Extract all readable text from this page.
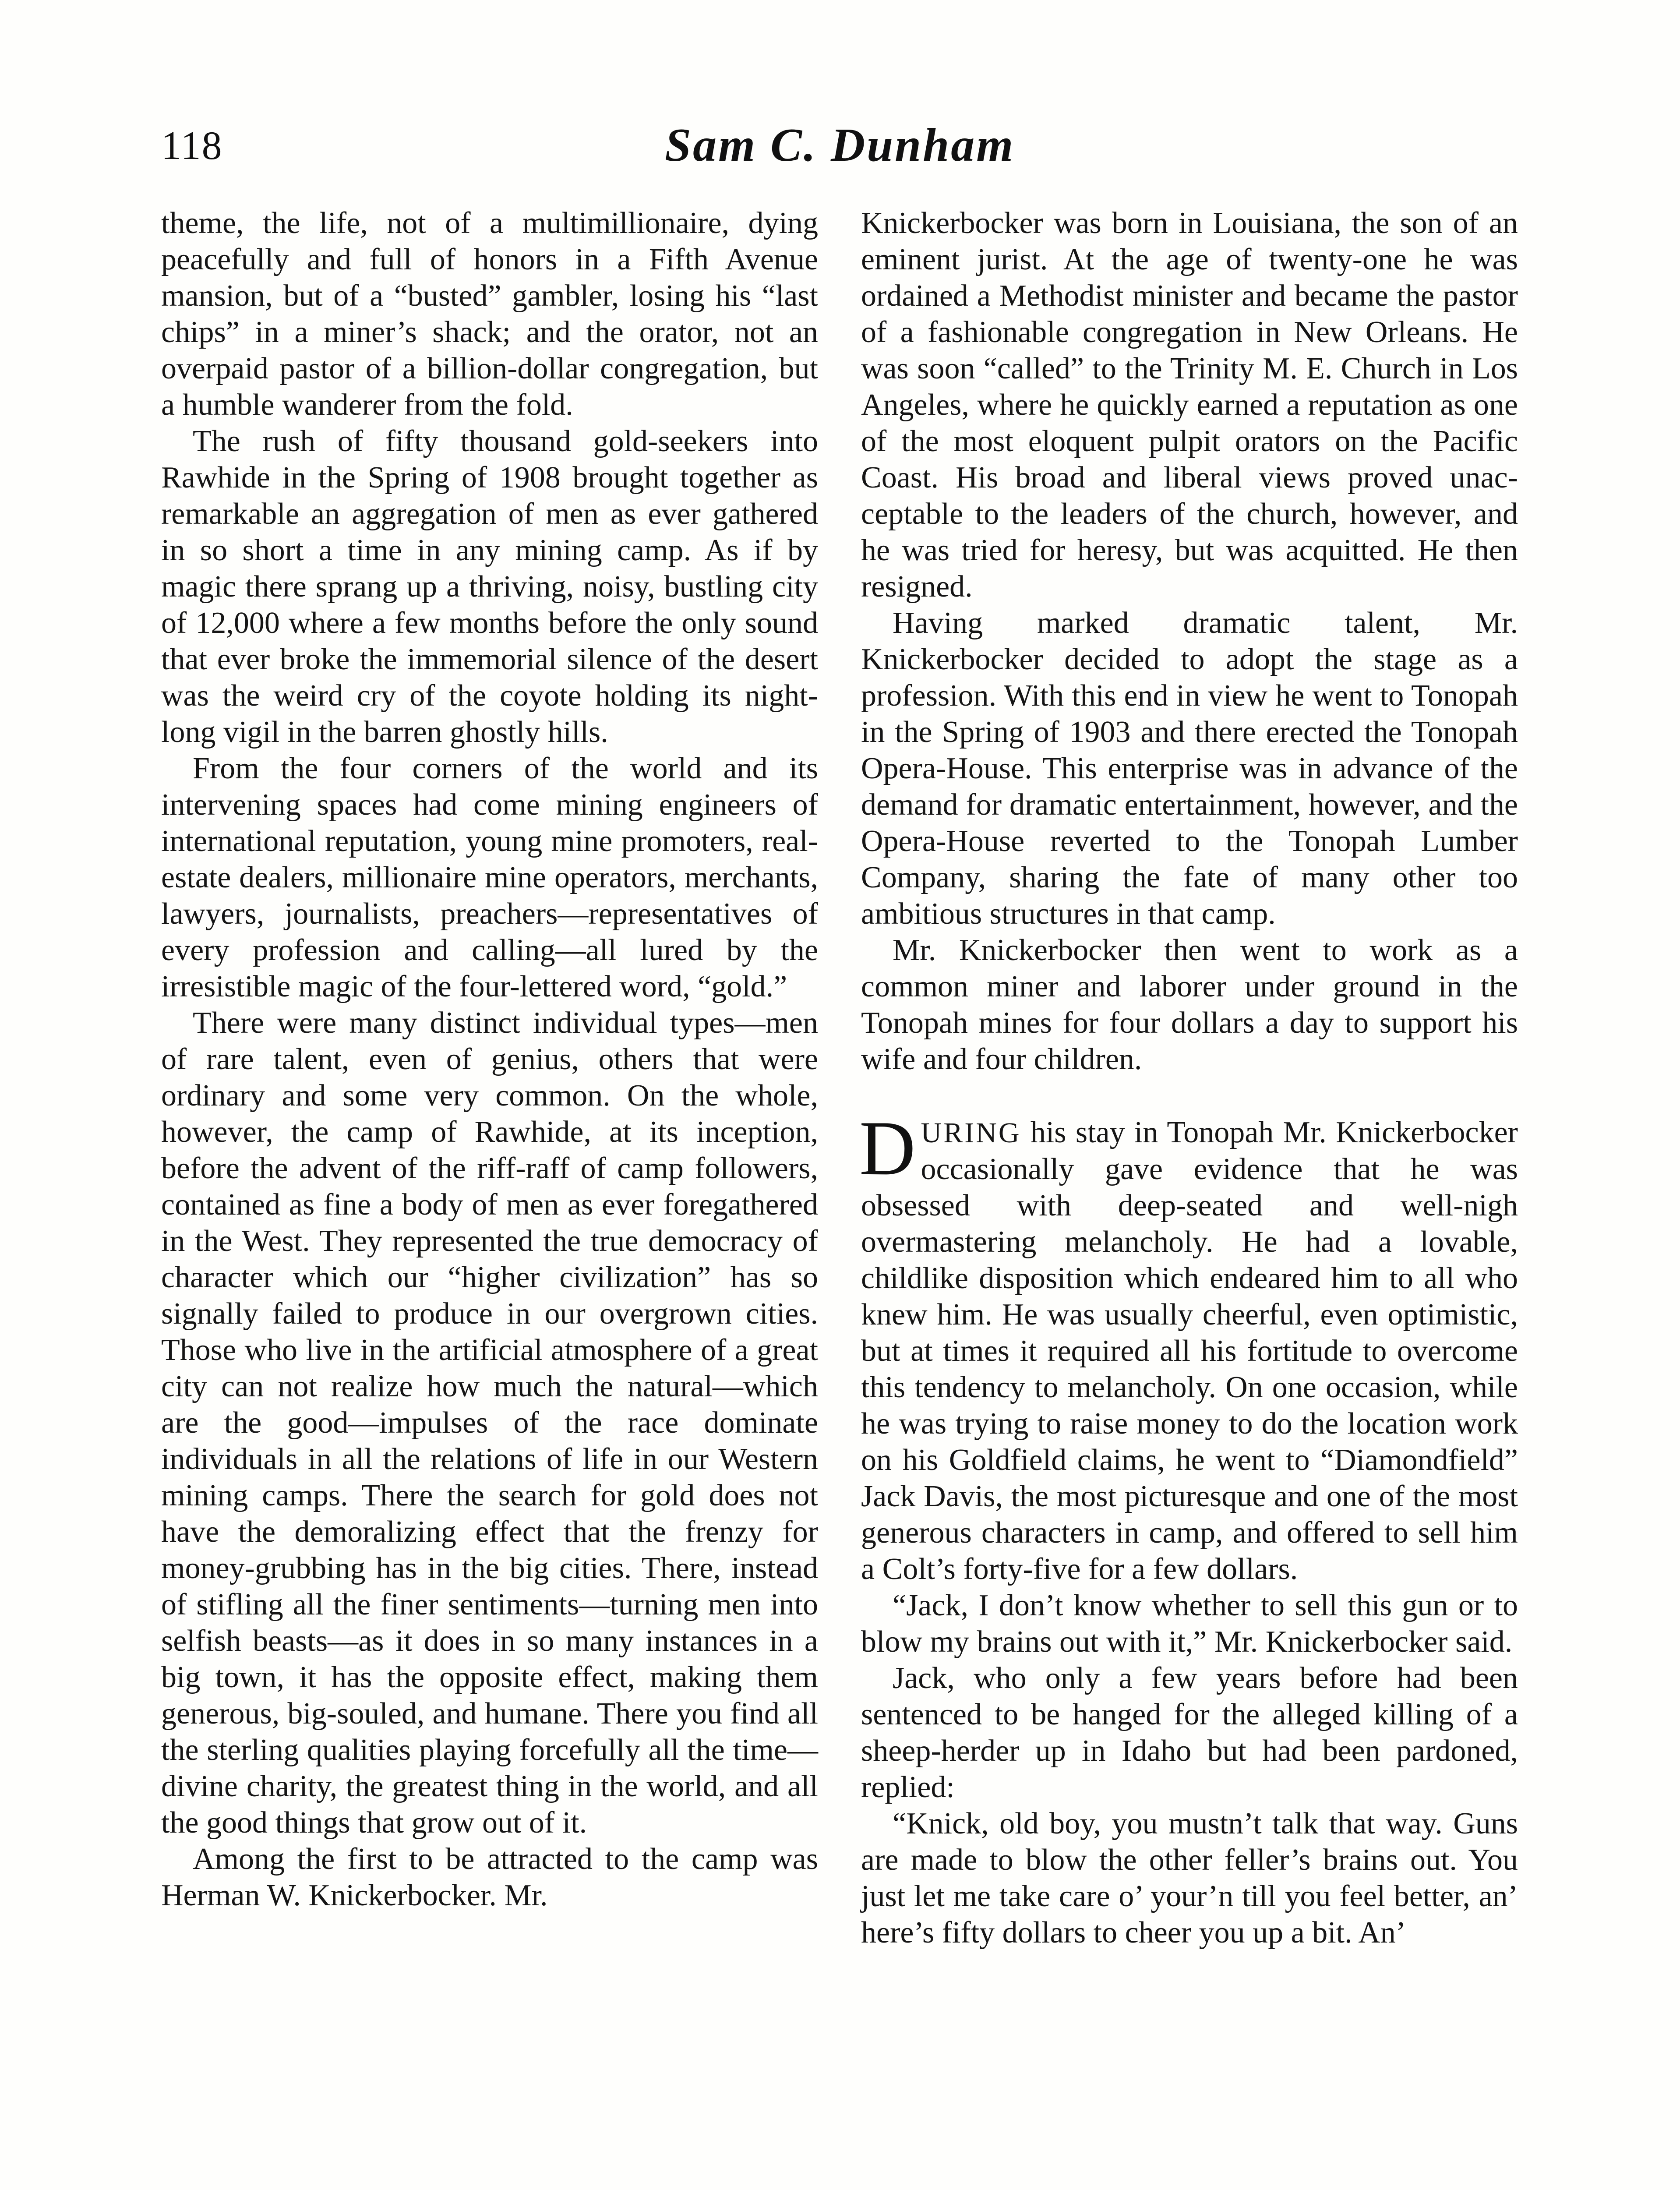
118	Sam C. Dunham

theme, the life, not of a multimillionaire, dying peacefully and full of honors in a Fifth Avenue mansion, but of a “busted” gambler, losing his “last chips” in a miner’s shack; and the orator, not an overpaid pastor of a billion-dollar congregation, but a humble wanderer from the fold.

The rush of fifty thousand gold-seekers into Rawhide in the Spring of 1908 brought together as remarkable an aggregation of men as ever gathered in so short a time in any mining camp. As if by magic there sprang up a thriving, noisy, bustling city of 12,000 where a few months before the only sound that ever broke the immemorial silence of the desert was the weird cry of the coyote holding its night-long vigil in the barren ghostly hills.

From the four corners of the world and its intervening spaces had come mining engineers of international reputation, young mine promoters, real-estate dealers, millionaire mine operators, merchants, lawyers, journalists, preachers—representatives of every profession and calling—all lured by the irresistible magic of the four-lettered word, “gold.”

There were many distinct individual types—men of rare talent, even of genius, others that were ordinary and some very common. On the whole, however, the camp of Rawhide, at its inception, before the advent of the riff-raff of camp followers, contained as fine a body of men as ever foregathered in the West. They represented the true democracy of character which our “higher civilization” has so signally failed to produce in our overgrown cities. Those who live in the artificial atmosphere of a great city can not realize how much the natural—which are the good—impulses of the race dominate individuals in all the relations of life in our Western mining camps. There the search for gold does not have the demoralizing effect that the frenzy for money-grubbing has in the big cities. There, instead of stifling all the finer sentiments—turning men into selfish beasts—as it does in so many instances in a big town, it has the opposite effect, making them generous, big-souled, and humane. There you find all the sterling qualities playing forcefully all the time—divine charity, the greatest thing in the world, and all the good things that grow out of it.

Among the first to be attracted to the camp was Herman W. Knickerbocker. Mr.

Knickerbocker was born in Louisiana, the son of an eminent jurist. At the age of twenty-one he was ordained a Methodist minister and became the pastor of a fashionable congregation in New Orleans. He was soon “called” to the Trinity M. E. Church in Los Angeles, where he quickly earned a reputation as one of the most eloquent pulpit orators on the Pacific Coast. His broad and liberal views proved unacceptable to the leaders of the church, however, and he was tried for heresy, but was acquitted. He then resigned.

Having marked dramatic talent, Mr. Knickerbocker decided to adopt the stage as a profession. With this end in view he went to Tonopah in the Spring of 1903 and there erected the Tonopah Opera-House. This enterprise was in advance of the demand for dramatic entertainment, however, and the Opera-House reverted to the Tonopah Lumber Company, sharing the fate of many other too ambitious structures in that camp.

Mr. Knickerbocker then went to work as a common miner and laborer under ground in the Tonopah mines for four dollars a day to support his wife and four children.

DURING his stay in Tonopah Mr. Knickerbocker occasionally gave evidence that he was obsessed with deep-seated and well-nigh overmastering melancholy. He had a lovable, childlike disposition which endeared him to all who knew him. He was usually cheerful, even optimistic, but at times it required all his fortitude to overcome this tendency to melancholy. On one occasion, while he was trying to raise money to do the location work on his Goldfield claims, he went to “Diamondfield” Jack Davis, the most picturesque and one of the most generous characters in camp, and offered to sell him a Colt’s forty-five for a few dollars.

“Jack, I don’t know whether to sell this gun or to blow my brains out with it,” Mr. Knickerbocker said.

Jack, who only a few years before had been sentenced to be hanged for the alleged killing of a sheep-herder up in Idaho but had been pardoned, replied:

“Knick, old boy, you mustn’t talk that way. Guns are made to blow the other feller’s brains out. You just let me take care o’ your’n till you feel better, an’ here’s fifty dollars to cheer you up a bit. An’
